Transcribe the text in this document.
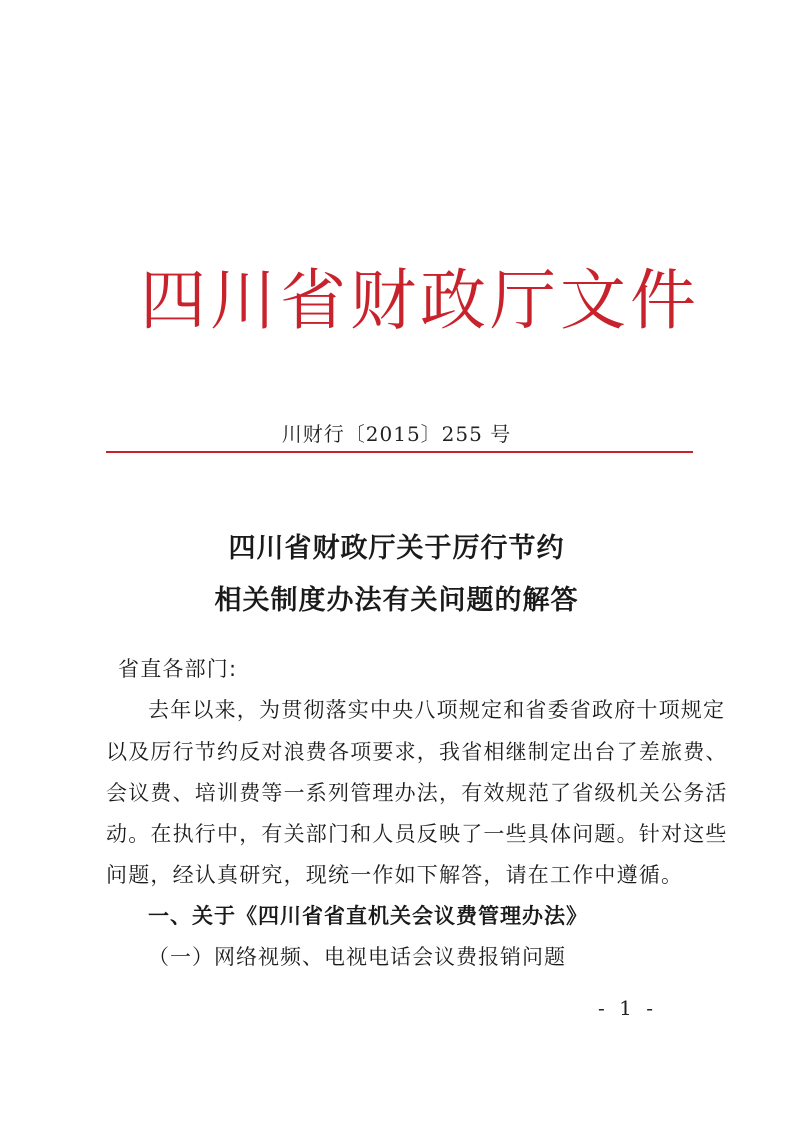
四川省财政厅文件
川财行〔2015〕255 号
四川省财政厅关于厉行节约
相关制度办法有关问题的解答
省直各部门:
去年以来，为贯彻落实中央八项规定和省委省政府十项规定
以及厉行节约反对浪费各项要求，我省相继制定出台了差旅费、
会议费、培训费等一系列管理办法，有效规范了省级机关公务活
动。在执行中，有关部门和人员反映了一些具体问题。针对这些
问题，经认真研究，现统一作如下解答，请在工作中遵循。
一、关于《四川省省直机关会议费管理办法》
（一）网络视频、电视电话会议费报销问题
- 1 -
